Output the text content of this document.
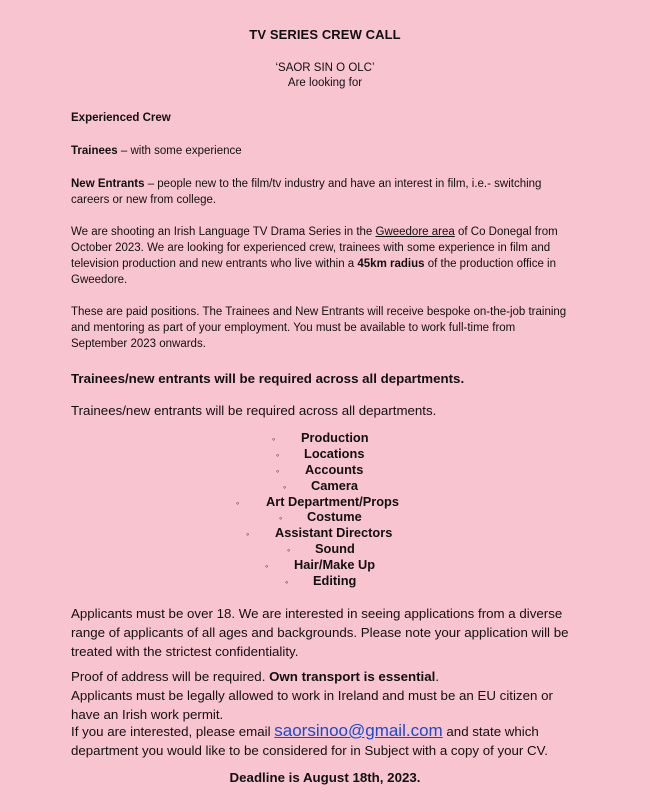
TV SERIES CREW CALL
‘SAOR SIN O OLC’
Are looking for
Experienced Crew
Trainees – with some experience
New Entrants – people new to the film/tv industry and have an interest in film, i.e.- switching careers or new from college.
We are shooting an Irish Language TV Drama Series in the Gweedore area of Co Donegal from October 2023. We are looking for experienced crew, trainees with some experience in film and television production and new entrants who live within a 45km radius of the production office in Gweedore.
These are paid positions. The Trainees and New Entrants will receive bespoke on-the-job training and mentoring as part of your employment. You must be available to work full-time from September 2023 onwards.
Trainees/new entrants will be required across all departments.
Trainees/new entrants will be required across all departments.
◦ Production
◦ Locations
◦ Accounts
◦ Camera
◦ Art Department/Props
◦ Costume
◦ Assistant Directors
◦ Sound
◦ Hair/Make Up
◦ Editing
Applicants must be over 18. We are interested in seeing applications from a diverse range of applicants of all ages and backgrounds. Please note your application will be treated with the strictest confidentiality.
Proof of address will be required. Own transport is essential.
Applicants must be legally allowed to work in Ireland and must be an EU citizen or have an Irish work permit.
If you are interested, please email saorsinoo@gmail.com and state which department you would like to be considered for in Subject with a copy of your CV.
Deadline is August 18th, 2023.
